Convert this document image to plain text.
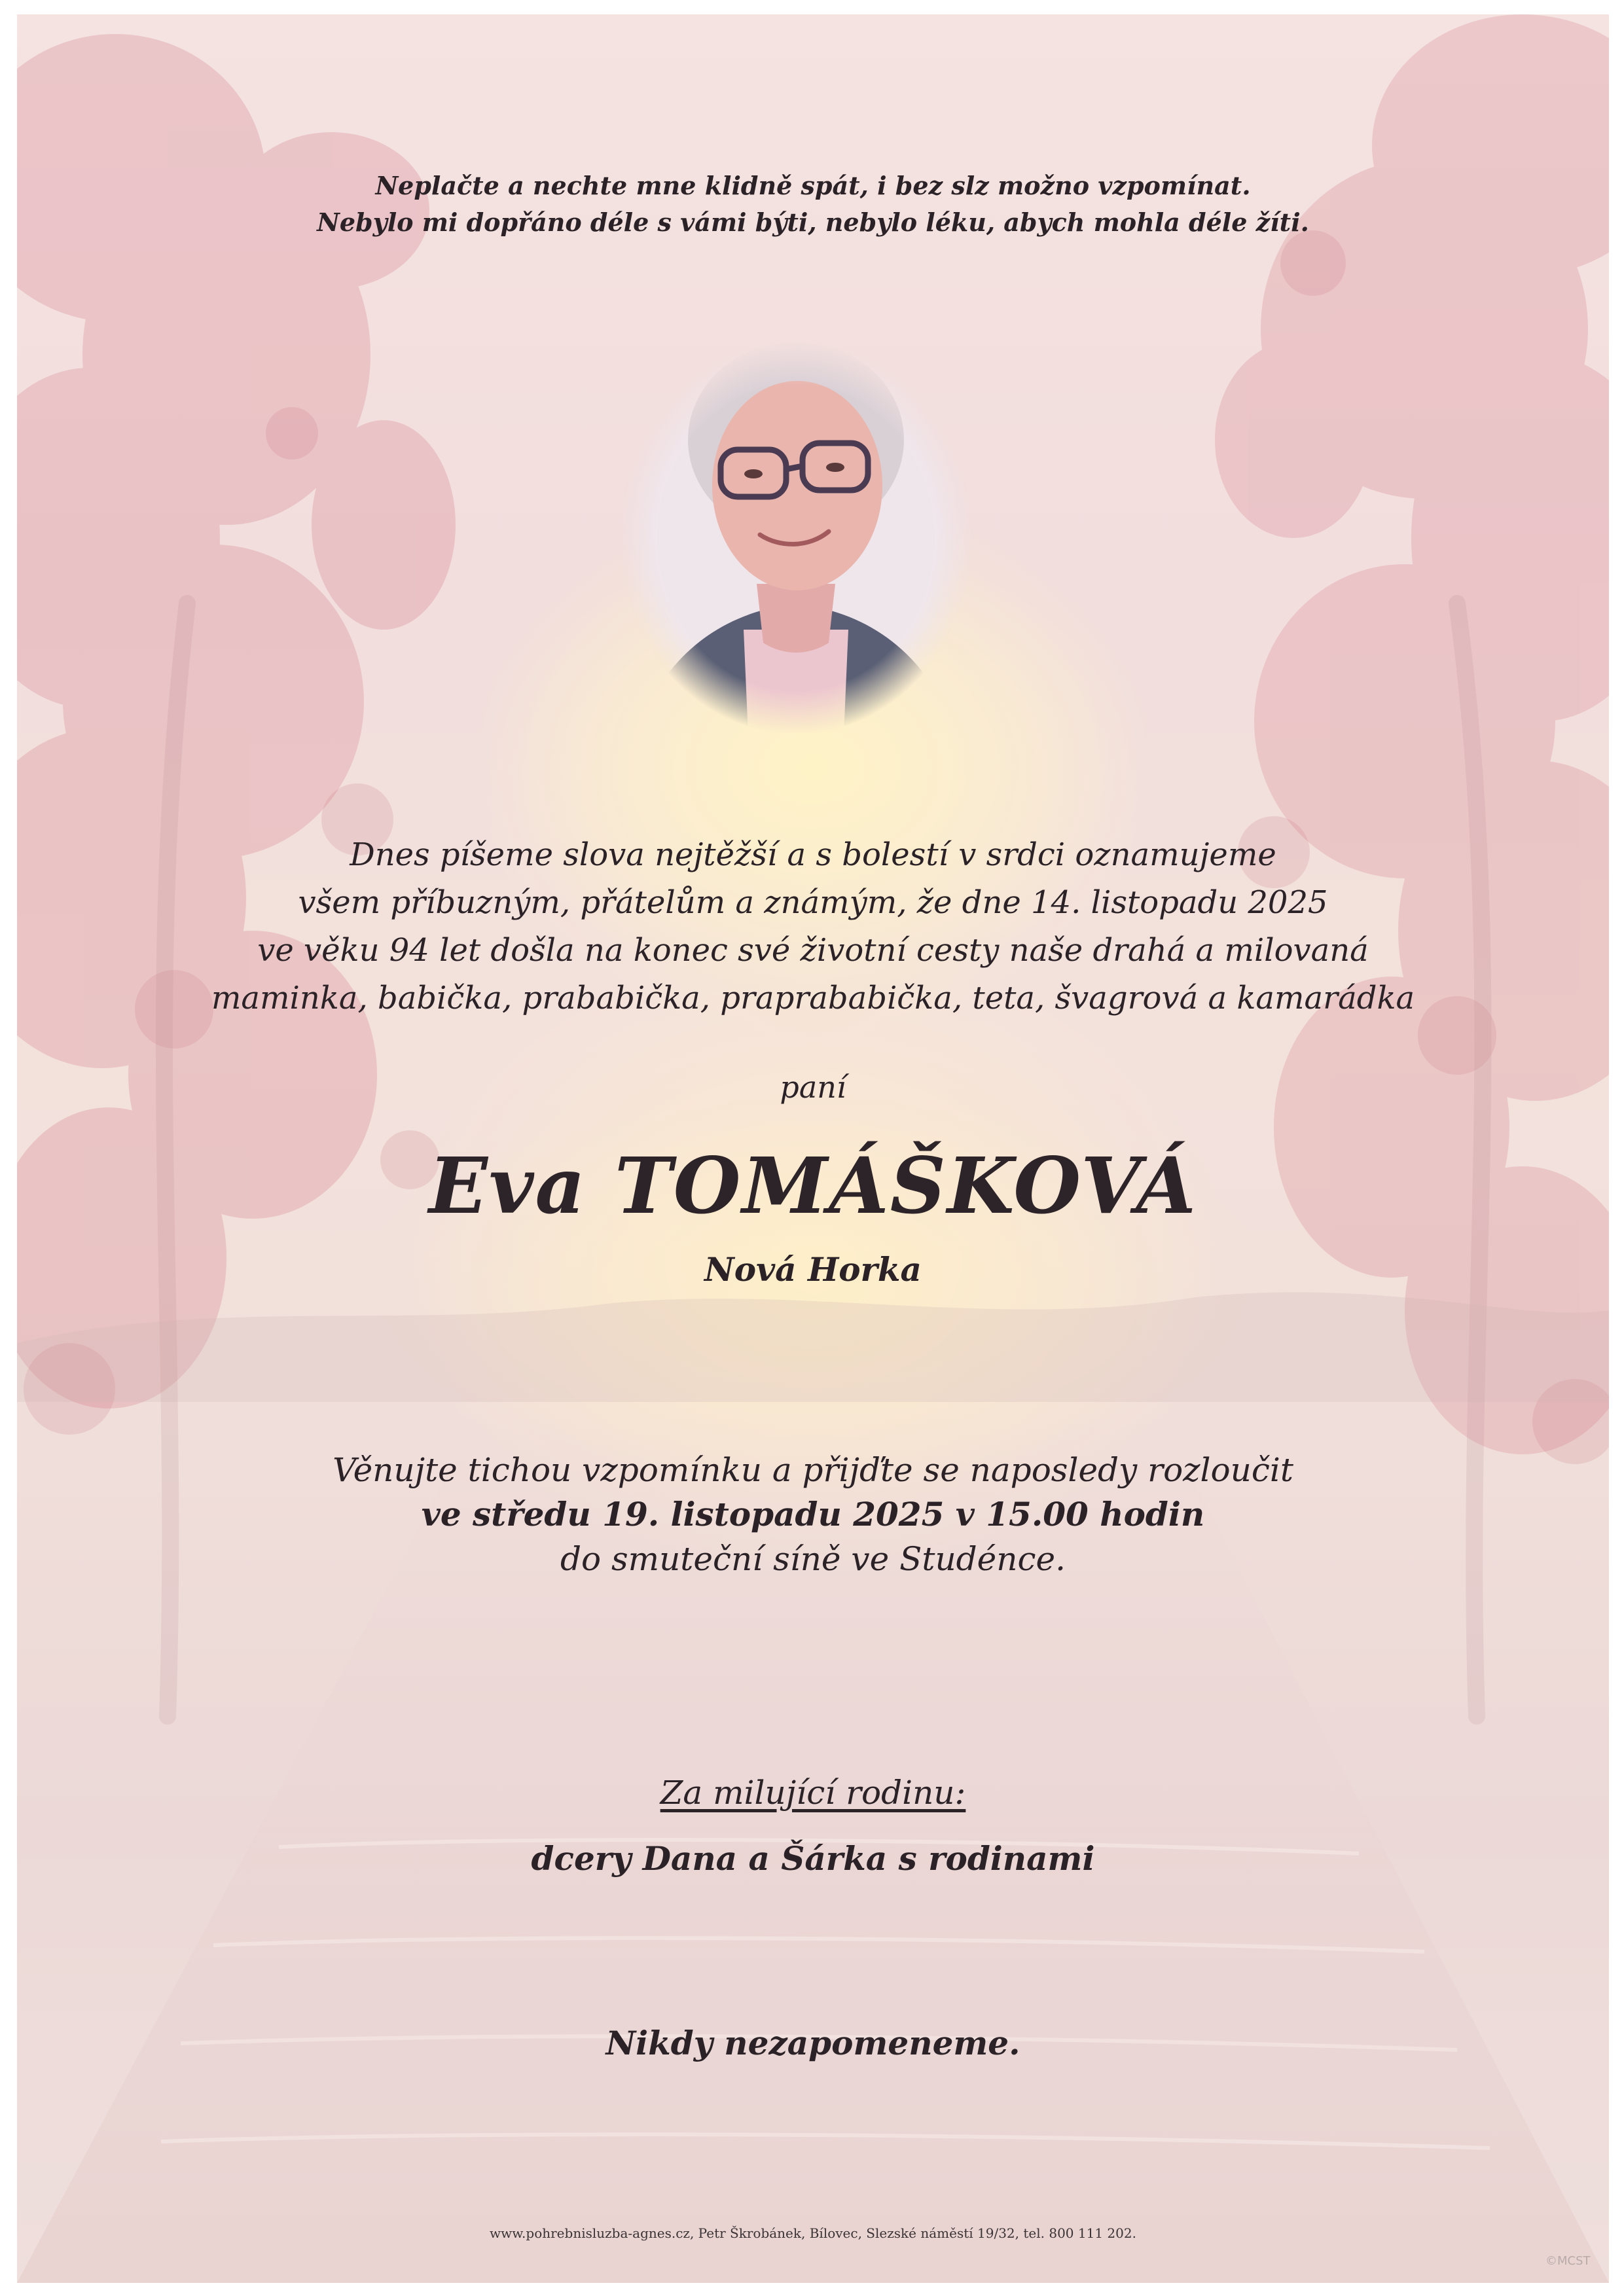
Neplačte a nechte mne klidně spát, i bez slz možno vzpomínat.
Nebylo mi dopřáno déle s vámi býti, nebylo léku, abych mohla déle žíti.
Dnes píšeme slova nejtěžší a s bolestí v srdci oznamujeme
všem příbuzným, přátelům a známým, že dne 14. listopadu 2025
ve věku 94 let došla na konec své životní cesty naše drahá a milovaná
maminka, babička, prababička, praprababička, teta, švagrová a kamarádka
paní
Eva TOMÁŠKOVÁ
Nová Horka
Věnujte tichou vzpomínku a přijďte se naposledy rozloučit
ve středu 19. listopadu 2025 v 15.00 hodin
do smuteční síně ve Studénce.
Za milující rodinu:
dcery Dana a Šárka s rodinami
Nikdy nezapomeneme.
www.pohrebnisluzba-agnes.cz, Petr Škrobánek, Bílovec, Slezské náměstí 19/32, tel. 800 111 202.
©MCST
